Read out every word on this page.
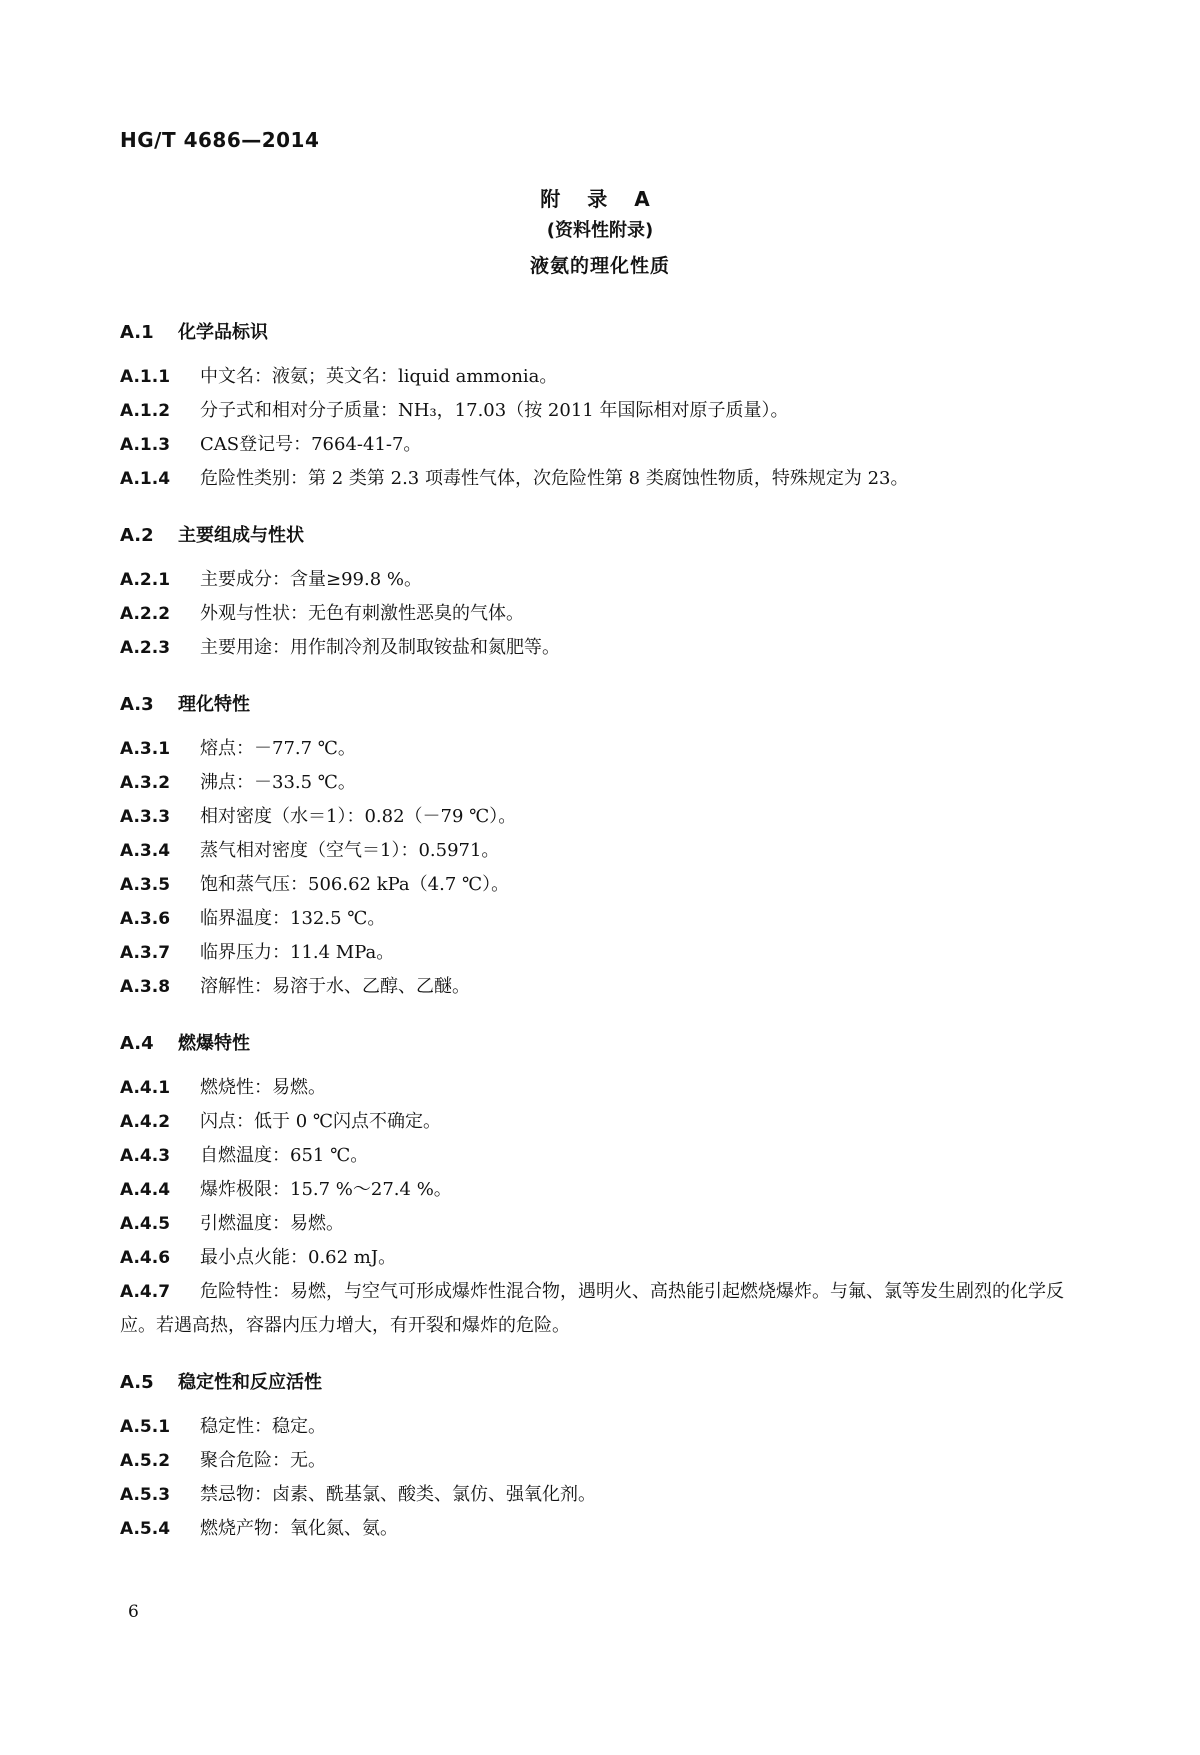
HG/T 4686—2014
附 录 A
(资料性附录)
液氨的理化性质
A.1 化学品标识
A.1.1 中文名：液氨；英文名：liquid ammonia。
A.1.2 分子式和相对分子质量：NH₃，17.03（按 2011 年国际相对原子质量）。
A.1.3 CAS登记号：7664-41-7。
A.1.4 危险性类别：第 2 类第 2.3 项毒性气体，次危险性第 8 类腐蚀性物质，特殊规定为 23。
A.2 主要组成与性状
A.2.1 主要成分：含量≥99.8 %。
A.2.2 外观与性状：无色有刺激性恶臭的气体。
A.2.3 主要用途：用作制冷剂及制取铵盐和氮肥等。
A.3 理化特性
A.3.1 熔点：－77.7 ℃。
A.3.2 沸点：－33.5 ℃。
A.3.3 相对密度（水＝1）：0.82（－79 ℃）。
A.3.4 蒸气相对密度（空气＝1）：0.5971。
A.3.5 饱和蒸气压：506.62 kPa（4.7 ℃）。
A.3.6 临界温度：132.5 ℃。
A.3.7 临界压力：11.4 MPa。
A.3.8 溶解性：易溶于水、乙醇、乙醚。
A.4 燃爆特性
A.4.1 燃烧性：易燃。
A.4.2 闪点：低于 0 ℃闪点不确定。
A.4.3 自燃温度：651 ℃。
A.4.4 爆炸极限：15.7 %～27.4 %。
A.4.5 引燃温度：易燃。
A.4.6 最小点火能：0.62 mJ。
A.4.7 危险特性：易燃，与空气可形成爆炸性混合物，遇明火、高热能引起燃烧爆炸。与氟、氯等发生剧烈的化学反应。若遇高热，容器内压力增大，有开裂和爆炸的危险。
A.5 稳定性和反应活性
A.5.1 稳定性：稳定。
A.5.2 聚合危险：无。
A.5.3 禁忌物：卤素、酰基氯、酸类、氯仿、强氧化剂。
A.5.4 燃烧产物：氧化氮、氨。
6
